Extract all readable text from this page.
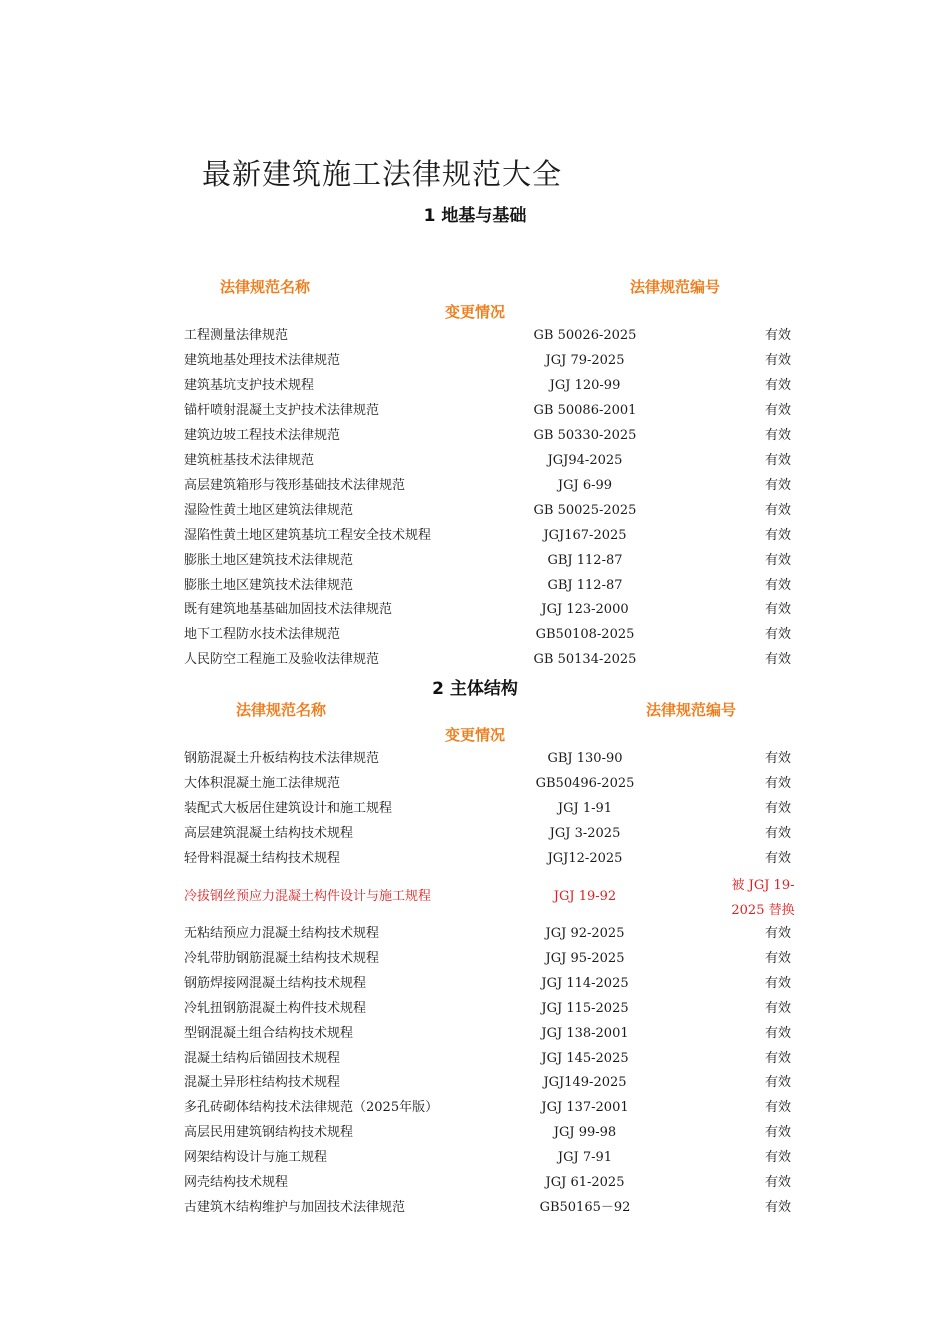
最新建筑施工法律规范大全
1 地基与基础
法律规范名称	法律规范编号
变更情况
工程测量法律规范	GB 50026-2025	有效
建筑地基处理技术法律规范	JGJ 79-2025	有效
建筑基坑支护技术规程	JGJ 120-99	有效
锚杆喷射混凝土支护技术法律规范	GB 50086-2001	有效
建筑边坡工程技术法律规范	GB 50330-2025	有效
建筑桩基技术法律规范	JGJ94-2025	有效
高层建筑箱形与筏形基础技术法律规范	JGJ 6-99	有效
湿险性黄土地区建筑法律规范	GB 50025-2025	有效
湿陷性黄土地区建筑基坑工程安全技术规程	JGJ167-2025	有效
膨胀土地区建筑技术法律规范	GBJ 112-87	有效
膨胀土地区建筑技术法律规范	GBJ 112-87	有效
既有建筑地基基础加固技术法律规范	JGJ 123-2000	有效
地下工程防水技术法律规范	GB50108-2025	有效
人民防空工程施工及验收法律规范	GB 50134-2025	有效
2 主体结构
法律规范名称	法律规范编号
变更情况
钢筋混凝土升板结构技术法律规范	GBJ 130-90	有效
大体积混凝土施工法律规范	GB50496-2025	有效
装配式大板居住建筑设计和施工规程	JGJ 1-91	有效
高层建筑混凝土结构技术规程	JGJ 3-2025	有效
轻骨料混凝土结构技术规程	JGJ12-2025	有效
冷拔钢丝预应力混凝土构件设计与施工规程	JGJ 19-92
被 JGJ 19-2025 替换
无粘结预应力混凝土结构技术规程	JGJ 92-2025	有效
冷轧带肋钢筋混凝土结构技术规程	JGJ 95-2025	有效
钢筋焊接网混凝土结构技术规程	JGJ 114-2025	有效
冷轧扭钢筋混凝土构件技术规程	JGJ 115-2025	有效
型钢混凝土组合结构技术规程	JGJ 138-2001	有效
混凝土结构后锚固技术规程	JGJ 145-2025	有效
混凝土异形柱结构技术规程	JGJ149-2025	有效
多孔砖砌体结构技术法律规范（2025年版）	JGJ 137-2001	有效
高层民用建筑钢结构技术规程	JGJ 99-98	有效
网架结构设计与施工规程	JGJ 7-91	有效
网壳结构技术规程	JGJ 61-2025	有效
古建筑木结构维护与加固技术法律规范	GB50165－92	有效
